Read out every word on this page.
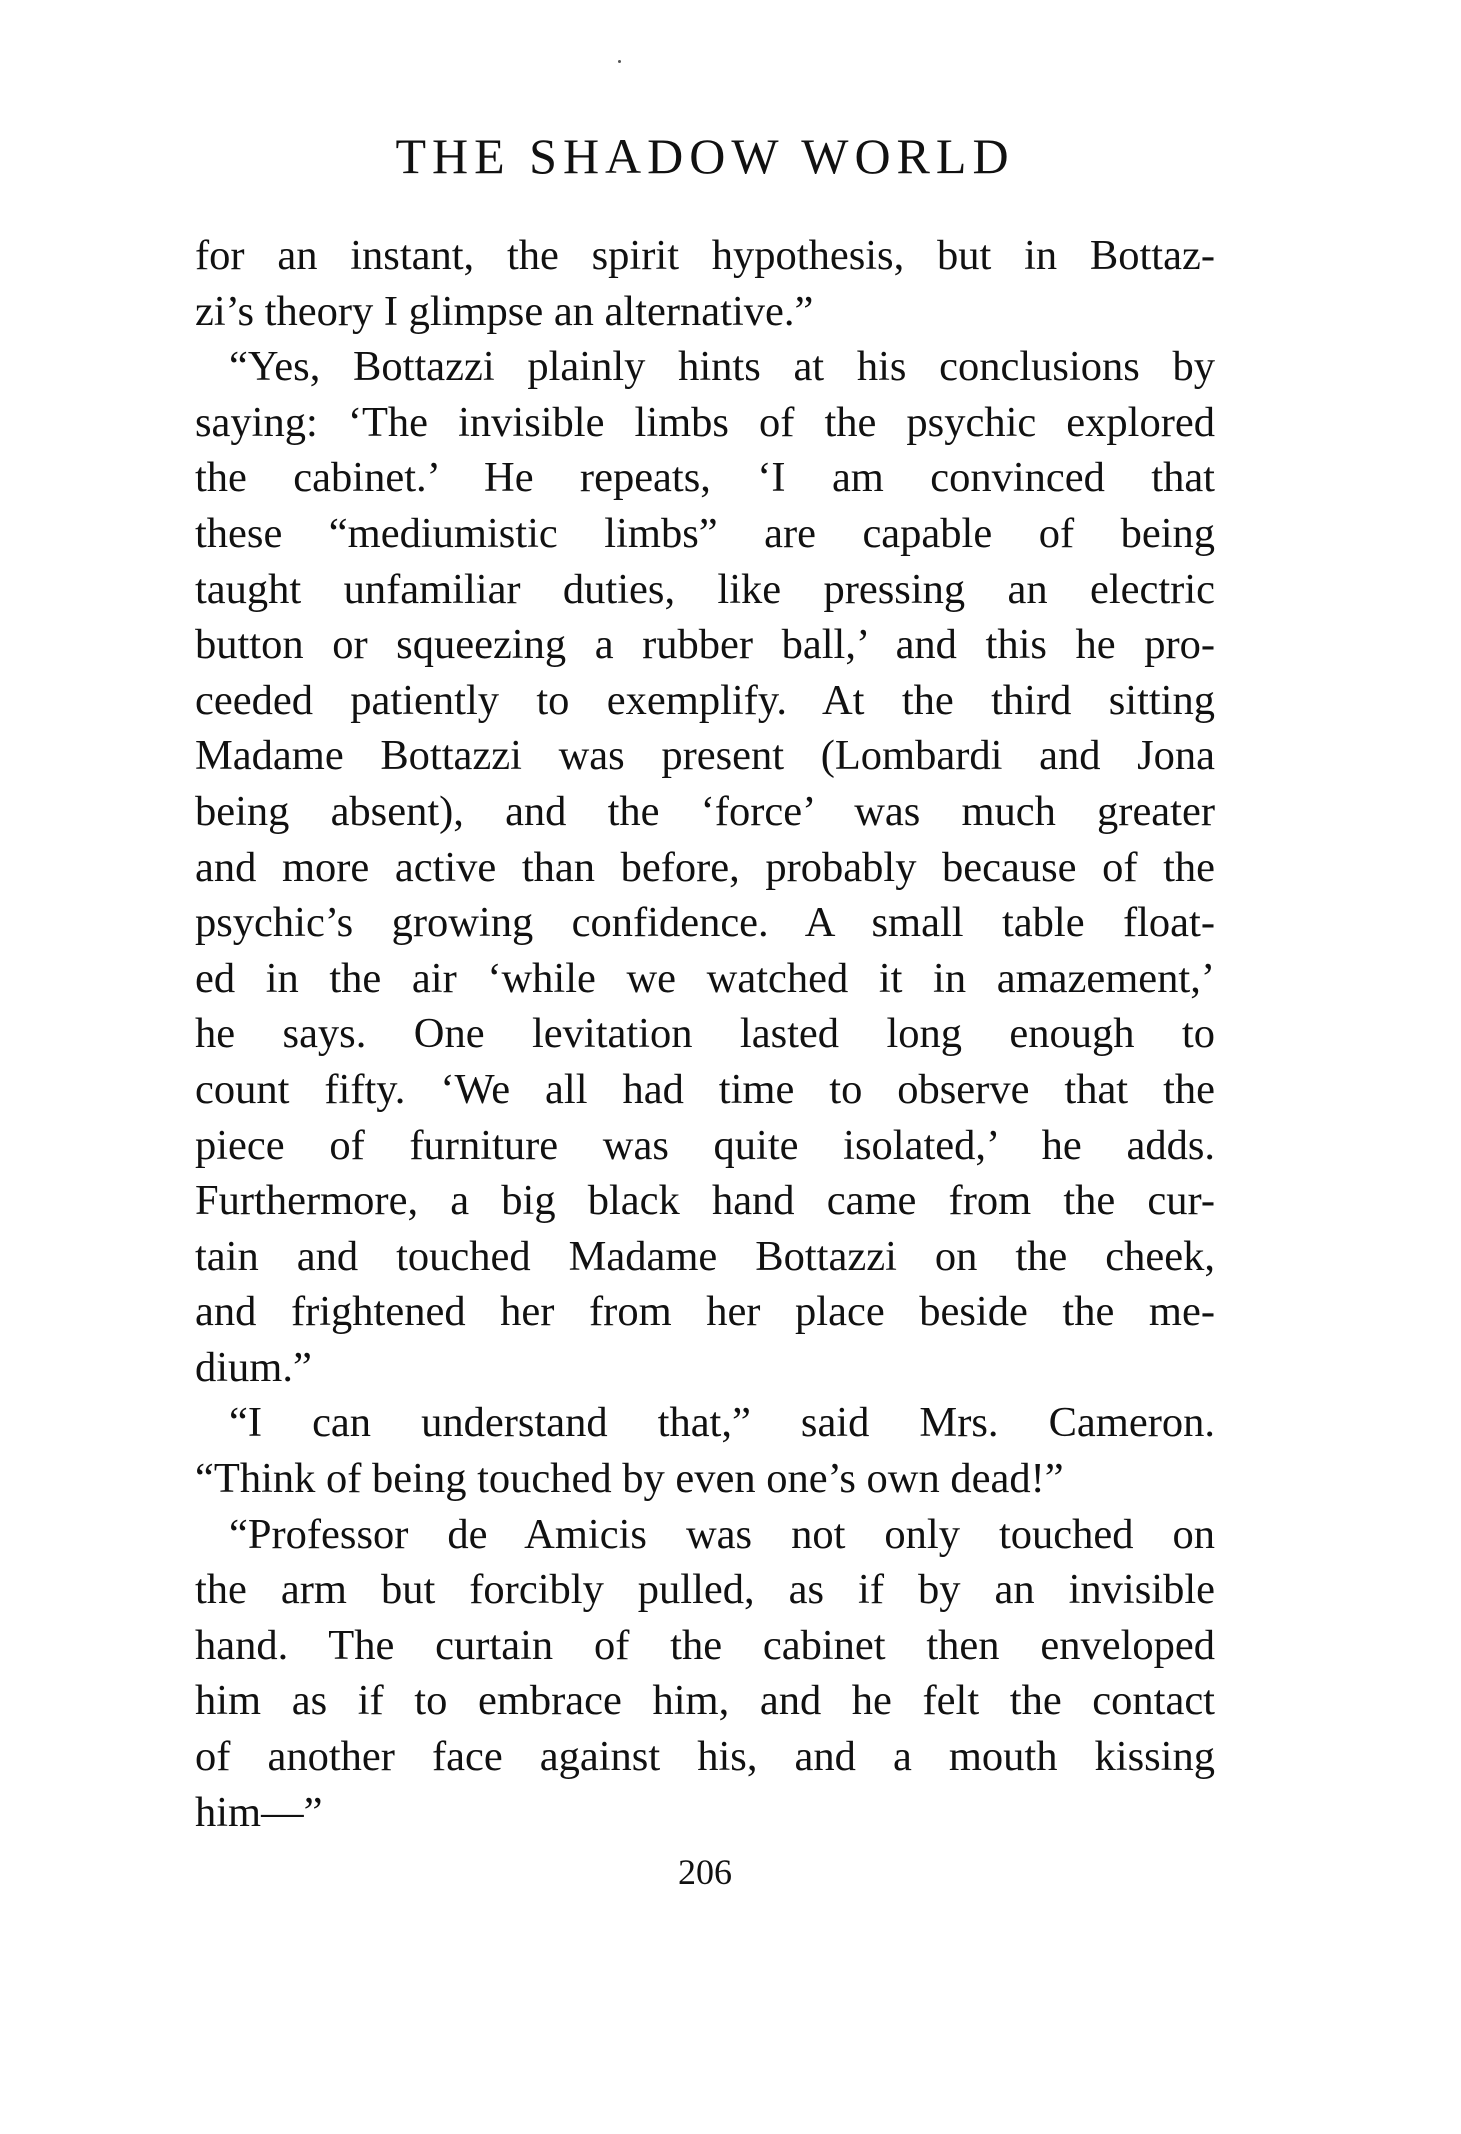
THE SHADOW WORLD
for an instant, the spirit hypothesis, but in Bottaz-
zi’s theory I glimpse an alternative.”
“Yes, Bottazzi plainly hints at his conclusions by
saying: ‘The invisible limbs of the psychic explored
the cabinet.’ He repeats, ‘I am convinced that
these “mediumistic limbs” are capable of being
taught unfamiliar duties, like pressing an electric
button or squeezing a rubber ball,’ and this he pro-
ceeded patiently to exemplify. At the third sitting
Madame Bottazzi was present (Lombardi and Jona
being absent), and the ‘force’ was much greater
and more active than before, probably because of the
psychic’s growing confidence. A small table float-
ed in the air ‘while we watched it in amazement,’
he says. One levitation lasted long enough to
count fifty. ‘We all had time to observe that the
piece of furniture was quite isolated,’ he adds.
Furthermore, a big black hand came from the cur-
tain and touched Madame Bottazzi on the cheek,
and frightened her from her place beside the me-
dium.”
“I can understand that,” said Mrs. Cameron.
“Think of being touched by even one’s own dead!”
“Professor de Amicis was not only touched on
the arm but forcibly pulled, as if by an invisible
hand. The curtain of the cabinet then enveloped
him as if to embrace him, and he felt the contact
of another face against his, and a mouth kissing
him—”
206
